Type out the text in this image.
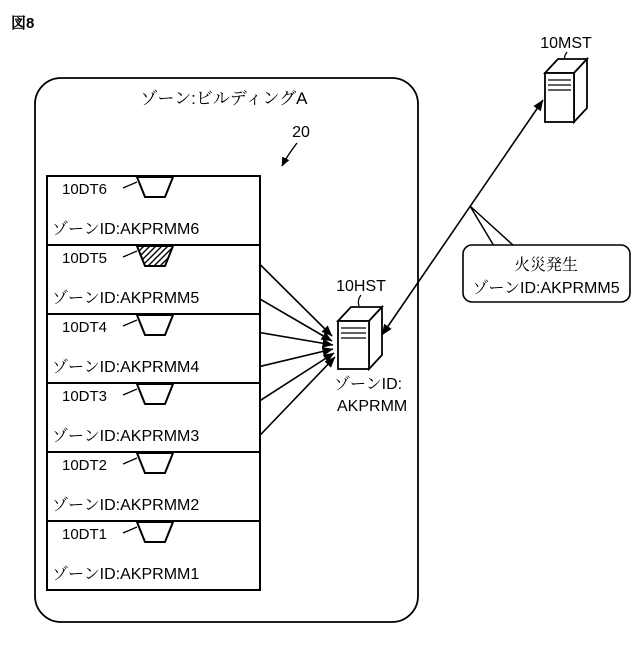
図8
ゾーン:ビルディングA
20
10DT6
ゾーンID:AKPRMM6
10DT5
ゾーンID:AKPRMM5
10DT4
ゾーンID:AKPRMM4
10DT3
ゾーンID:AKPRMM3
10DT2
ゾーンID:AKPRMM2
10DT1
ゾーンID:AKPRMM1
10HST
ゾーンID:
AKPRMM
10MST
火災発生
ゾーンID:AKPRMM5
